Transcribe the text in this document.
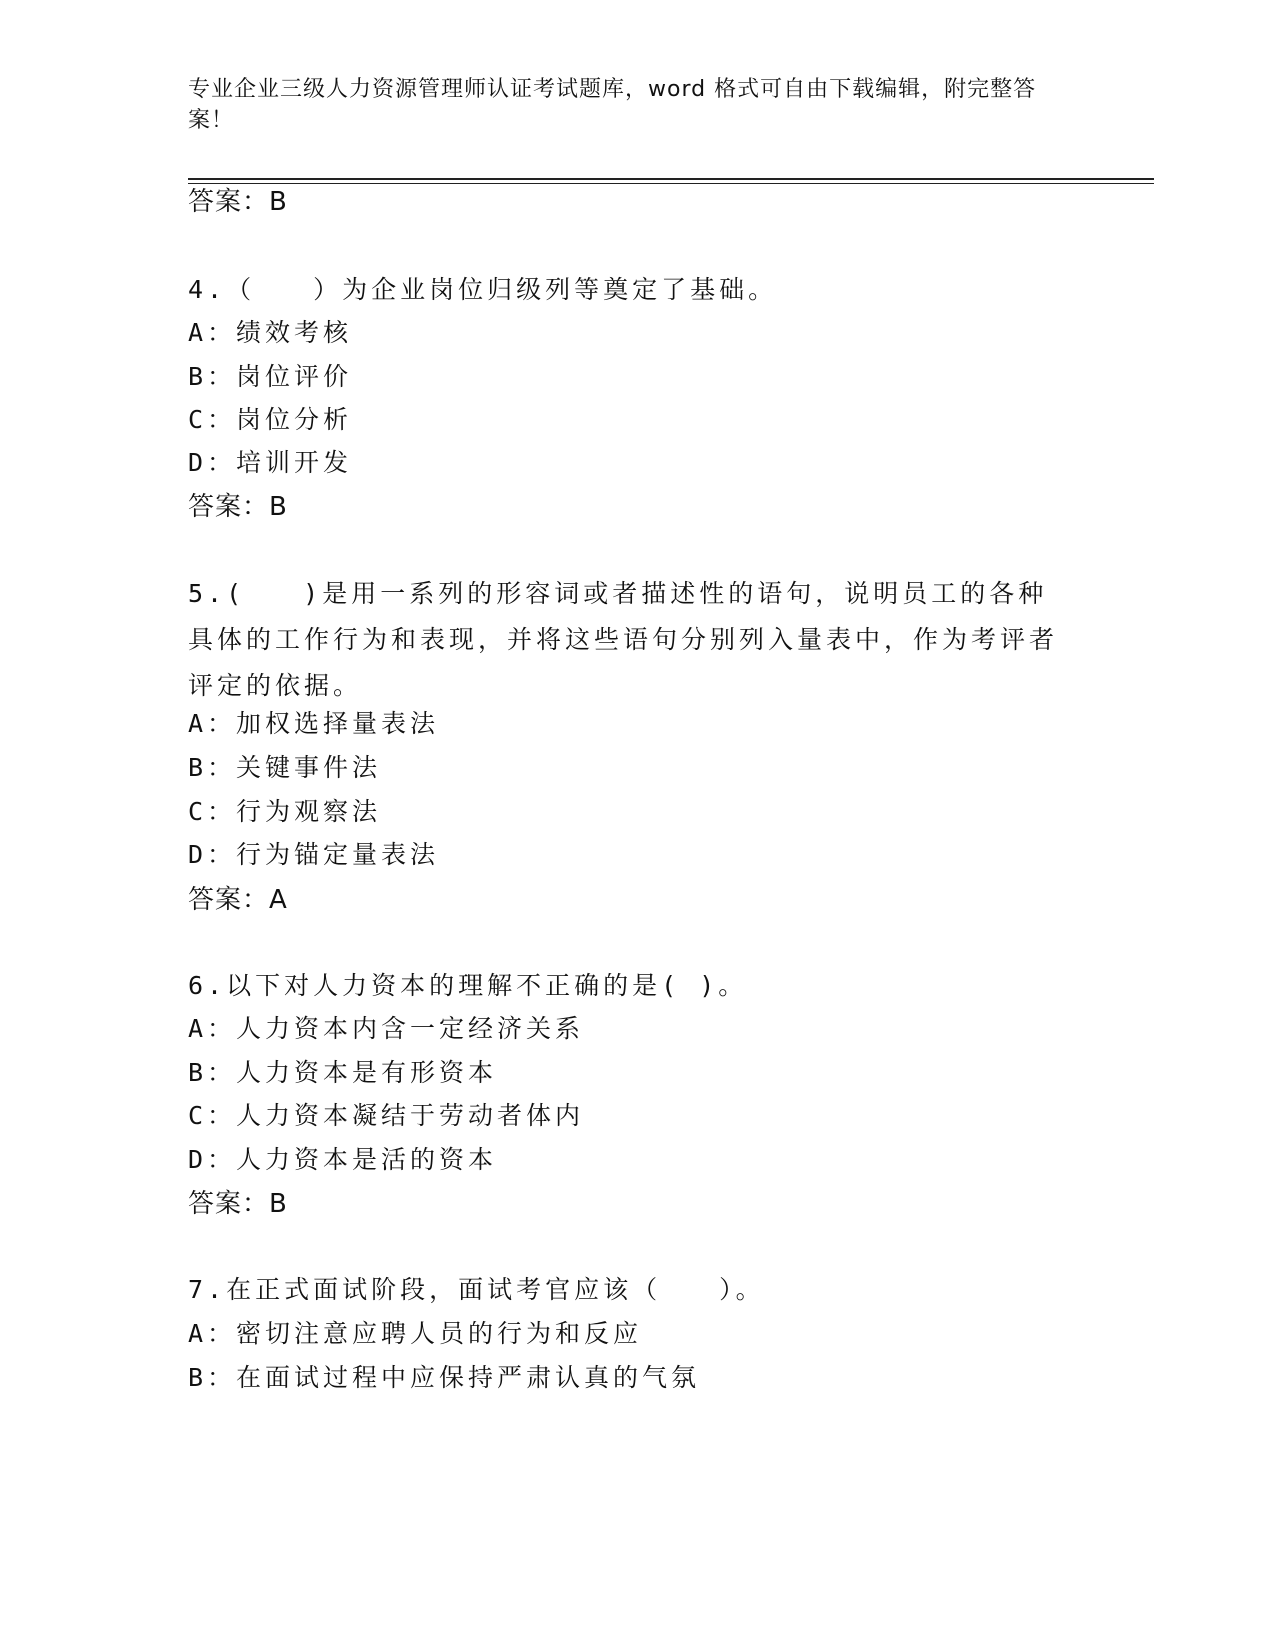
专业企业三级人力资源管理师认证考试题库，word 格式可自由下载编辑，附完整答案！
答案：B
4.（　　）为企业岗位归级列等奠定了基础。
A：绩效考核
B：岗位评价
C：岗位分析
D：培训开发
答案：B
5.(　　)是用一系列的形容词或者描述性的语句，说明员工的各种具体的工作行为和表现，并将这些语句分别列入量表中，作为考评者评定的依据。
A：加权选择量表法
B：关键事件法
C：行为观察法
D：行为锚定量表法
答案：A
6.以下对人力资本的理解不正确的是( )。
A：人力资本内含一定经济关系
B：人力资本是有形资本
C：人力资本凝结于劳动者体内
D：人力资本是活的资本
答案：B
7.在正式面试阶段，面试考官应该（　　）。
A：密切注意应聘人员的行为和反应
B：在面试过程中应保持严肃认真的气氛
